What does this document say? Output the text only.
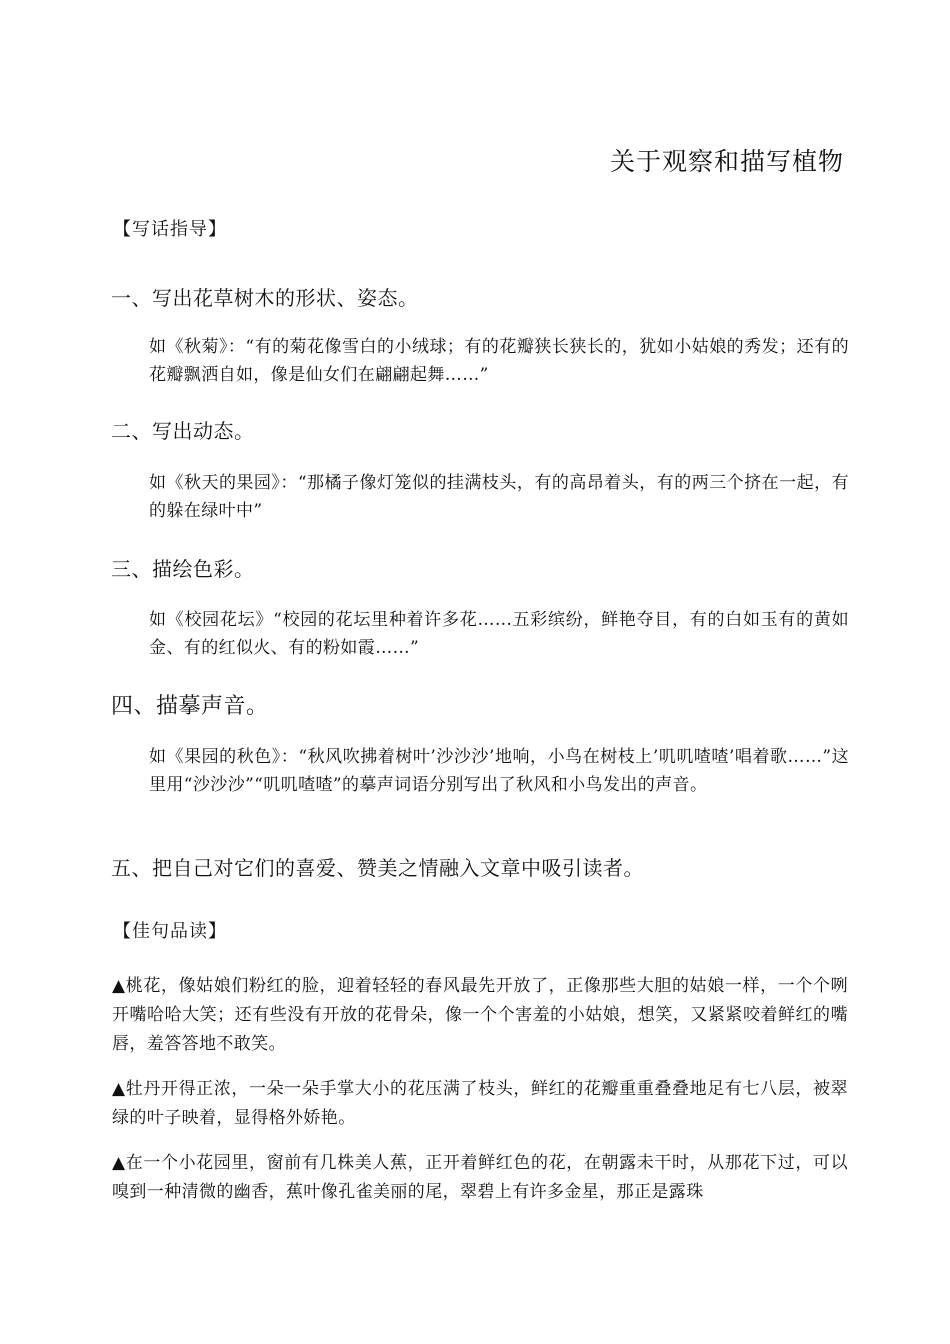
关于观察和描写植物
【写话指导】
一、写出花草树木的形状、姿态。
如《秋菊》：“有的菊花像雪白的小绒球；有的花瓣狭长狭长的，犹如小姑娘的秀发；还有的花瓣飘洒自如，像是仙女们在翩翩起舞……”
二、写出动态。
如《秋天的果园》：“那橘子像灯笼似的挂满枝头，有的高昂着头，有的两三个挤在一起，有的躲在绿叶中”
三、描绘色彩。
如《校园花坛》“校园的花坛里种着许多花……五彩缤纷，鲜艳夺目，有的白如玉有的黄如金、有的红似火、有的粉如霞……”
四、描摹声音。
如《果园的秋色》：“秋风吹拂着树叶’沙沙沙’地响，小鸟在树枝上’叽叽喳喳’唱着歌……”这里用“沙沙沙”“叽叽喳喳”的摹声词语分别写出了秋风和小鸟发出的声音。
五、把自己对它们的喜爱、赞美之情融入文章中吸引读者。
【佳句品读】
▲桃花，像姑娘们粉红的脸，迎着轻轻的春风最先开放了，正像那些大胆的姑娘一样，一个个咧开嘴哈哈大笑；还有些没有开放的花骨朵，像一个个害羞的小姑娘，想笑，又紧紧咬着鲜红的嘴唇，羞答答地不敢笑。
▲牡丹开得正浓，一朵一朵手掌大小的花压满了枝头，鲜红的花瓣重重叠叠地足有七八层，被翠绿的叶子映着，显得格外娇艳。
▲在一个小花园里，窗前有几株美人蕉，正开着鲜红色的花，在朝露未干时，从那花下过，可以嗅到一种清微的幽香，蕉叶像孔雀美丽的尾，翠碧上有许多金星，那正是露珠
